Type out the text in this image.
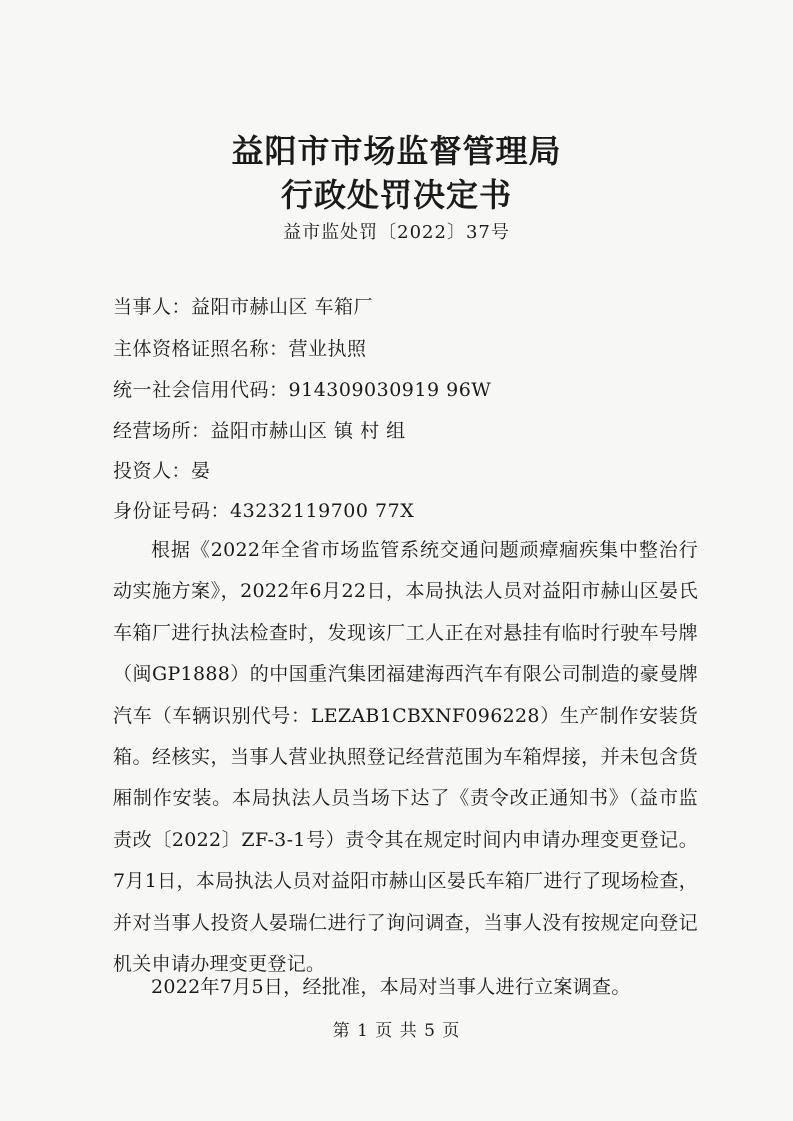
益阳市市场监督管理局
行政处罚决定书
益市监处罚〔2022〕37号
当事人：益阳市赫山区 车箱厂
主体资格证照名称：营业执照
统一社会信用代码：914309030919 96W
经营场所：益阳市赫山区 镇 村 组
投资人：晏
身份证号码：43232119700 77X

根据《2022年全省市场监管系统交通问题顽瘴痼疾集中整治行动实施方案》，2022年6月22日，本局执法人员对益阳市赫山区晏氏车箱厂进行执法检查时，发现该厂工人正在对悬挂有临时行驶车号牌（闽GP1888）的中国重汽集团福建海西汽车有限公司制造的豪曼牌汽车（车辆识别代号：LEZAB1CBXNF096228）生产制作安装货箱。经核实，当事人营业执照登记经营范围为车箱焊接，并未包含货厢制作安装。本局执法人员当场下达了《责令改正通知书》（益市监责改〔2022〕ZF-3-1号）责令其在规定时间内申请办理变更登记。7月1日，本局执法人员对益阳市赫山区晏氏车箱厂进行了现场检查，并对当事人投资人晏瑞仁进行了询问调查，当事人没有按规定向登记机关申请办理变更登记。

2022年7月5日，经批准，本局对当事人进行立案调查。

第 1 页 共 5 页
